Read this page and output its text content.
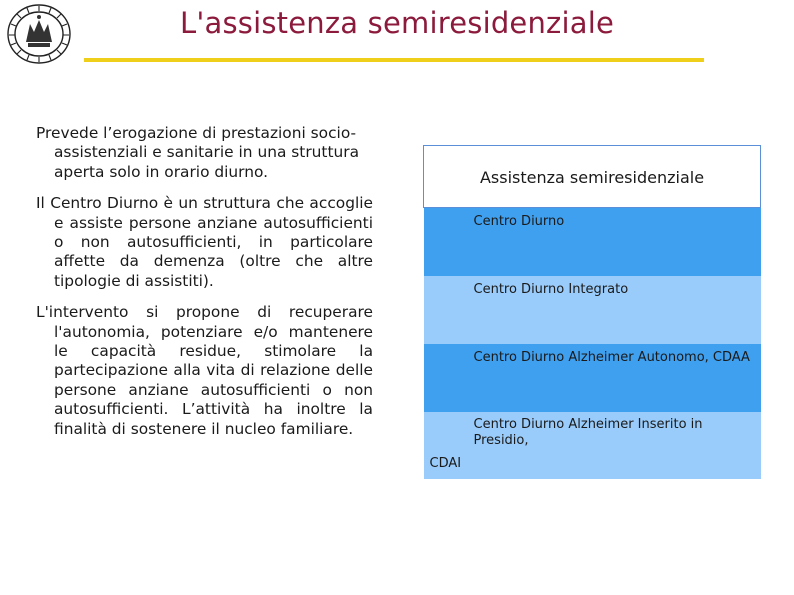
L'assistenza semiresidenziale

Prevede l’erogazione di prestazioni socio-assistenziali e sanitarie in una struttura aperta solo in orario diurno.

Il Centro Diurno è un struttura che accoglie e assiste persone anziane autosufficienti o non autosufficienti, in particolare affette da demenza (oltre che altre tipologie di assistiti).

L'intervento si propone di recuperare l'autonomia, potenziare e/o mantenere le capacità residue, stimolare la partecipazione alla vita di relazione delle persone anziane autosufficienti o non autosufficienti. L’attività ha inoltre la finalità di sostenere il nucleo familiare.

Assistenza semiresidenziale
Centro Diurno
Centro Diurno Integrato
Centro Diurno Alzheimer Autonomo, CDAA

Centro Diurno Alzheimer Inserito in Presidio,
CDAI
